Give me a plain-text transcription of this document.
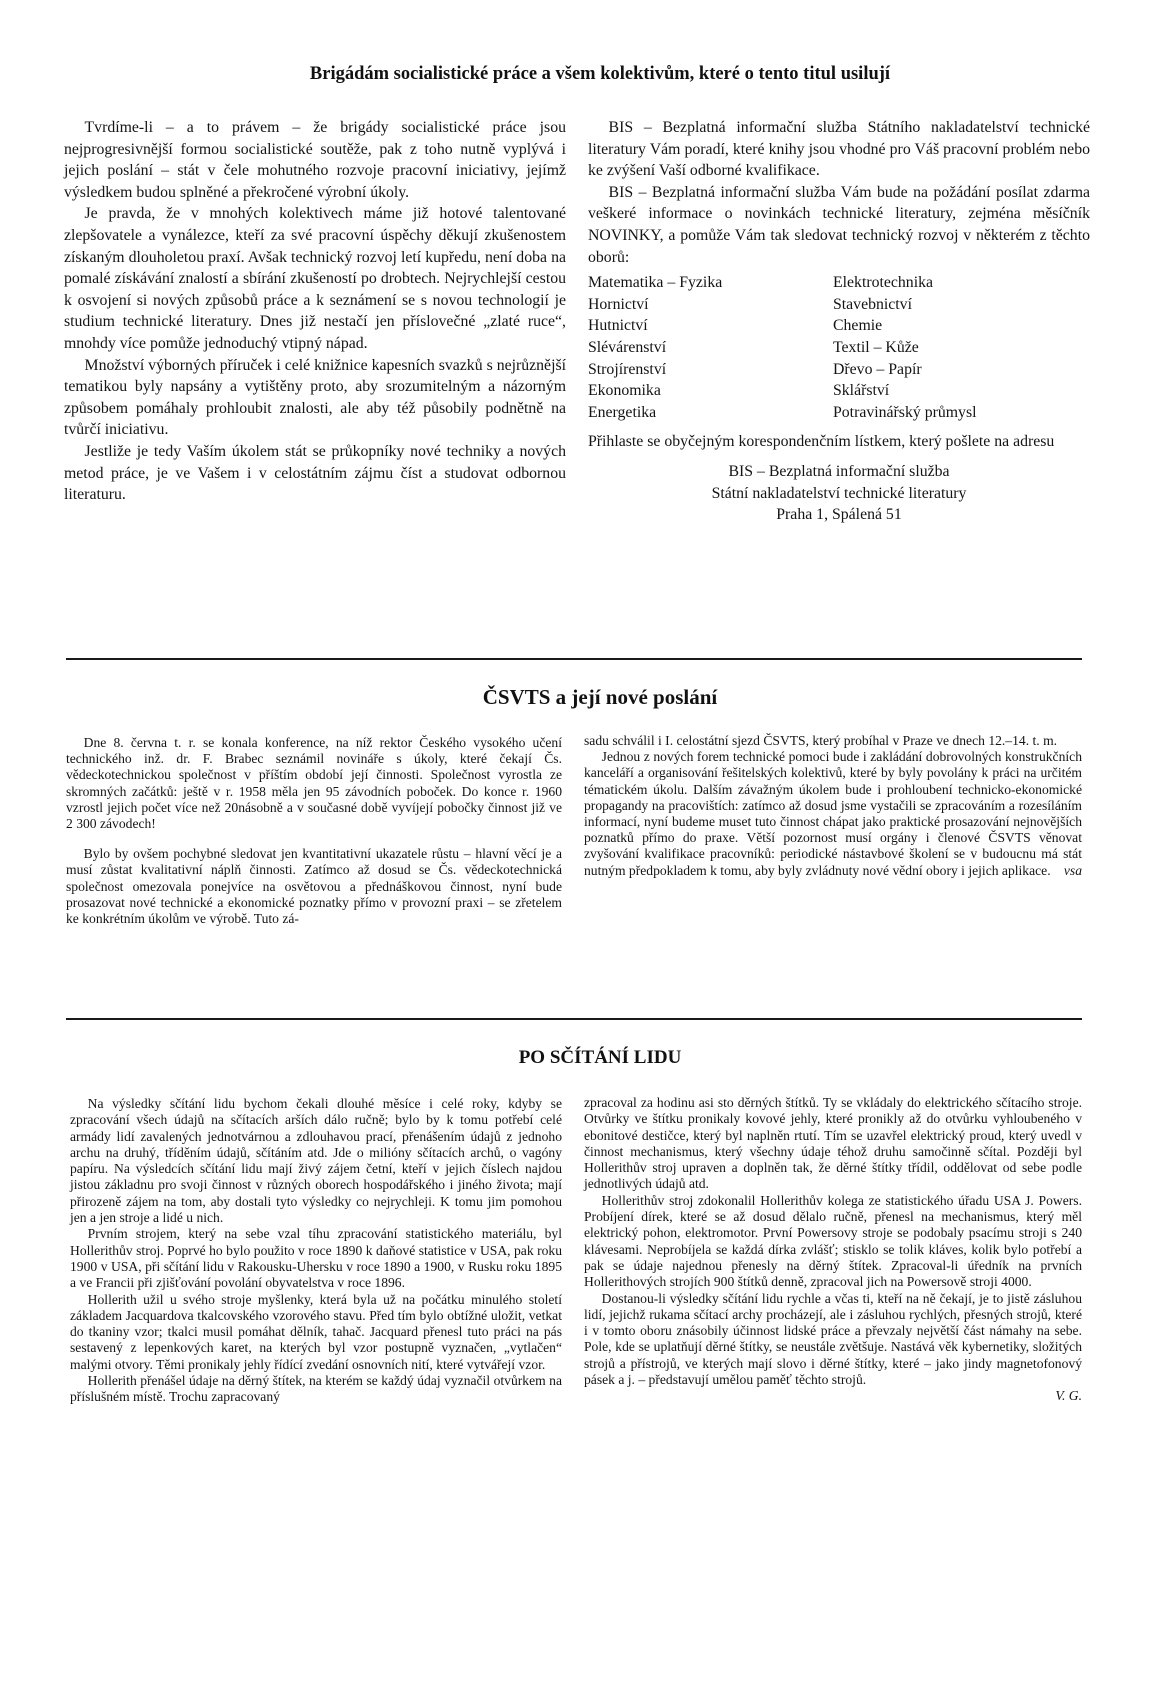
Brigádám socialistické práce a všem kolektivům, které o tento titul usilují

Tvrdíme-li – a to právem – že brigády socialistické práce jsou nejprogresivnější formou socialistické soutěže, pak z toho nutně vyplývá i jejich poslání – stát v čele mohutného rozvoje pracovní iniciativy, jejímž výsledkem budou splněné a překročené výrobní úkoly.

Je pravda, že v mnohých kolektivech máme již hotové talentované zlepšovatele a vynálezce, kteří za své pracovní úspěchy děkují zkušenostem získaným dlouholetou praxí. Avšak technický rozvoj letí kupředu, není doba na pomalé získávání znalostí a sbírání zkušeností po drobtech. Nejrychlejší cestou k osvojení si nových způsobů práce a k seznámení se s novou technologií je studium technické literatury. Dnes již nestačí jen příslovečné „zlaté ruce“, mnohdy více pomůže jednoduchý vtipný nápad.

Množství výborných příruček i celé knižnice kapesních svazků s nejrůznější tematikou byly napsány a vytištěny proto, aby srozumitelným a názorným způsobem pomáhaly prohloubit znalosti, ale aby též působily podnětně na tvůrčí iniciativu.

Jestliže je tedy Vaším úkolem stát se průkopníky nové techniky a nových metod práce, je ve Vašem i v celostátním zájmu číst a studovat odbornou literaturu.

BIS – Bezplatná informační služba Státního nakladatelství technické literatury Vám poradí, které knihy jsou vhodné pro Váš pracovní problém nebo ke zvýšení Vaší odborné kvalifikace.

BIS – Bezplatná informační služba Vám bude na požádání posílat zdarma veškeré informace o novinkách technické literatury, zejména měsíčník NOVINKY, a pomůže Vám tak sledovat technický rozvoj v některém z těchto oborů:

Matematika – Fyzika	Elektrotechnika
Hornictví	Stavebnictví
Hutnictví	Chemie
Slévárenství	Textil – Kůže
Strojírenství	Dřevo – Papír
Ekonomika	Sklářství
Energetika	Potravinářský průmysl

Přihlaste se obyčejným korespondenčním lístkem, který pošlete na adresu

BIS – Bezplatná informační služba
Státní nakladatelství technické literatury
Praha 1, Spálená 51
ČSVTS a její nové poslání

Dne 8. června t. r. se konala konference, na níž rektor Českého vysokého učení technického inž. dr. F. Brabec seznámil novináře s úkoly, které čekají Čs. vědeckotechnickou společnost v příštím období její činnosti. Společnost vyrostla ze skromných začátků: ještě v r. 1958 měla jen 95 závodních poboček. Do konce r. 1960 vzrostl jejich počet více než 20násobně a v současné době vyvíjejí pobočky činnost již ve 2 300 závodech!

Bylo by ovšem pochybné sledovat jen kvantitativní ukazatele růstu – hlavní věcí je a musí zůstat kvalitativní náplň činnosti. Zatímco až dosud se Čs. vědeckotechnická společnost omezovala ponejvíce na osvětovou a přednáškovou činnost, nyní bude prosazovat nové technické a ekonomické poznatky přímo v provozní praxi – se zřetelem ke konkrétním úkolům ve výrobě. Tuto zá-

sadu schválil i I. celostátní sjezd ČSVTS, který probíhal v Praze ve dnech 12.–14. t. m.

Jednou z nových forem technické pomoci bude i zakládání dobrovolných konstrukčních kanceláří a organisování řešitelských kolektivů, které by byly povolány k práci na určitém tématickém úkolu. Dalším závažným úkolem bude i prohloubení technicko-ekonomické propagandy na pracovištích: zatímco až dosud jsme vystačili se zpracováním a rozesíláním informací, nyní budeme muset tuto činnost chápat jako praktické prosazování nejnovějších poznatků přímo do praxe. Větší pozornost musí orgány i členové ČSVTS věnovat zvyšování kvalifikace pracovníků: periodické nástavbové školení se v budoucnu má stát nutným předpokladem k tomu, aby byly zvládnuty nové vědní obory i jejich aplikace. vsa
PO SČÍTÁNÍ LIDU

Na výsledky sčítání lidu bychom čekali dlouhé měsíce i celé roky, kdyby se zpracování všech údajů na sčítacích arších dálo ručně; bylo by k tomu potřebí celé armády lidí zavalených jednotvárnou a zdlouhavou prací, přenášením údajů z jednoho archu na druhý, tříděním údajů, sčítáním atd. Jde o milióny sčítacích archů, o vagóny papíru. Na výsledcích sčítání lidu mají živý zájem četní, kteří v jejich číslech najdou jistou základnu pro svoji činnost v různých oborech hospodářského i jiného života; mají přirozeně zájem na tom, aby dostali tyto výsledky co nejrychleji. K tomu jim pomohou jen a jen stroje a lidé u nich.

Prvním strojem, který na sebe vzal tíhu zpracování statistického materiálu, byl Hollerithův stroj. Poprvé ho bylo použito v roce 1890 k daňové statistice v USA, pak roku 1900 v USA, při sčítání lidu v Rakousku-Uhersku v roce 1890 a 1900, v Rusku roku 1895 a ve Francii při zjišťování povolání obyvatelstva v roce 1896.

Hollerith užil u svého stroje myšlenky, která byla už na počátku minulého století základem Jacquardova tkalcovského vzorového stavu. Před tím bylo obtížné uložit, vetkat do tkaniny vzor; tkalci musil pomáhat dělník, tahač. Jacquard přenesl tuto práci na pás sestavený z lepenkových karet, na kterých byl vzor postupně vyznačen, „vytlačen“ malými otvory. Těmi pronikaly jehly řídící zvedání osnovních nití, které vytvářejí vzor.

Hollerith přenášel údaje na děrný štítek, na kterém se každý údaj vyznačil otvůrkem na příslušném místě. Trochu zapracovaný

zpracoval za hodinu asi sto děrných štítků. Ty se vkládaly do elektrického sčítacího stroje. Otvůrky ve štítku pronikaly kovové jehly, které pronikly až do otvůrku vyhloubeného v ebonitové destičce, který byl naplněn rtutí. Tím se uzavřel elektrický proud, který uvedl v činnost mechanismus, který všechny údaje téhož druhu samočinně sčítal. Později byl Hollerithův stroj upraven a doplněn tak, že děrné štítky třídil, oddělovat od sebe podle jednotlivých údajů atd.

Hollerithův stroj zdokonalil Hollerithův kolega ze statistického úřadu USA J. Powers. Probíjení dírek, které se až dosud dělalo ručně, přenesl na mechanismus, který měl elektrický pohon, elektromotor. První Powersovy stroje se podobaly psacímu stroji s 240 klávesami. Neprobíjela se každá dírka zvlášť; stisklo se tolik kláves, kolik bylo potřebí a pak se údaje najednou přenesly na děrný štítek. Zpracoval-li úředník na prvních Hollerithových strojích 900 štítků denně, zpracoval jich na Powersově stroji 4000.

Dostanou-li výsledky sčítání lidu rychle a včas ti, kteří na ně čekají, je to jistě zásluhou lidí, jejichž rukama sčítací archy procházejí, ale i zásluhou rychlých, přesných strojů, které i v tomto oboru znásobily účinnost lidské práce a převzaly největší část námahy na sebe. Pole, kde se uplatňují děrné štítky, se neustále zvětšuje. Nastává věk kybernetiky, složitých strojů a přístrojů, ve kterých mají slovo i děrné štítky, které – jako jindy magnetofonový pásek a j. – představují umělou paměť těchto strojů.

V. G.
